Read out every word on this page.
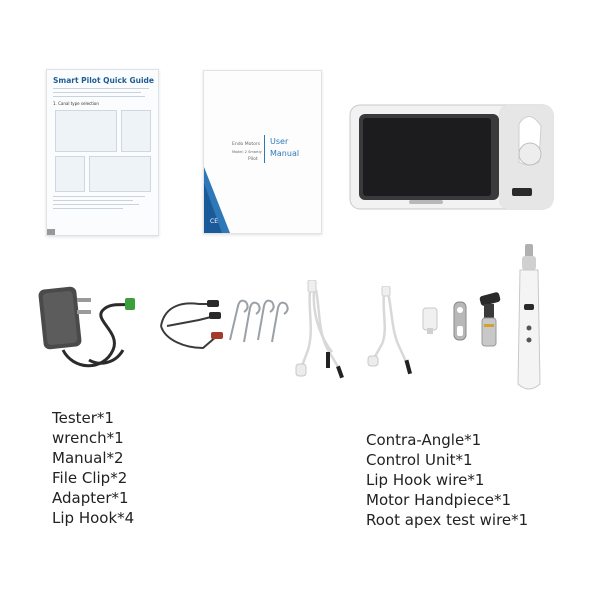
Smart Pilot Quick Guide
1. Canal type selection
Endo Motors
Model: 2 Smartly
Pilot
User
Manual
CE
Tester*1
wrench*1
Manual*2
File Clip*2
Adapter*1
Lip Hook*4
Contra-Angle*1
Control Unit*1
Lip Hook wire*1
Motor Handpiece*1
Root apex test wire*1
